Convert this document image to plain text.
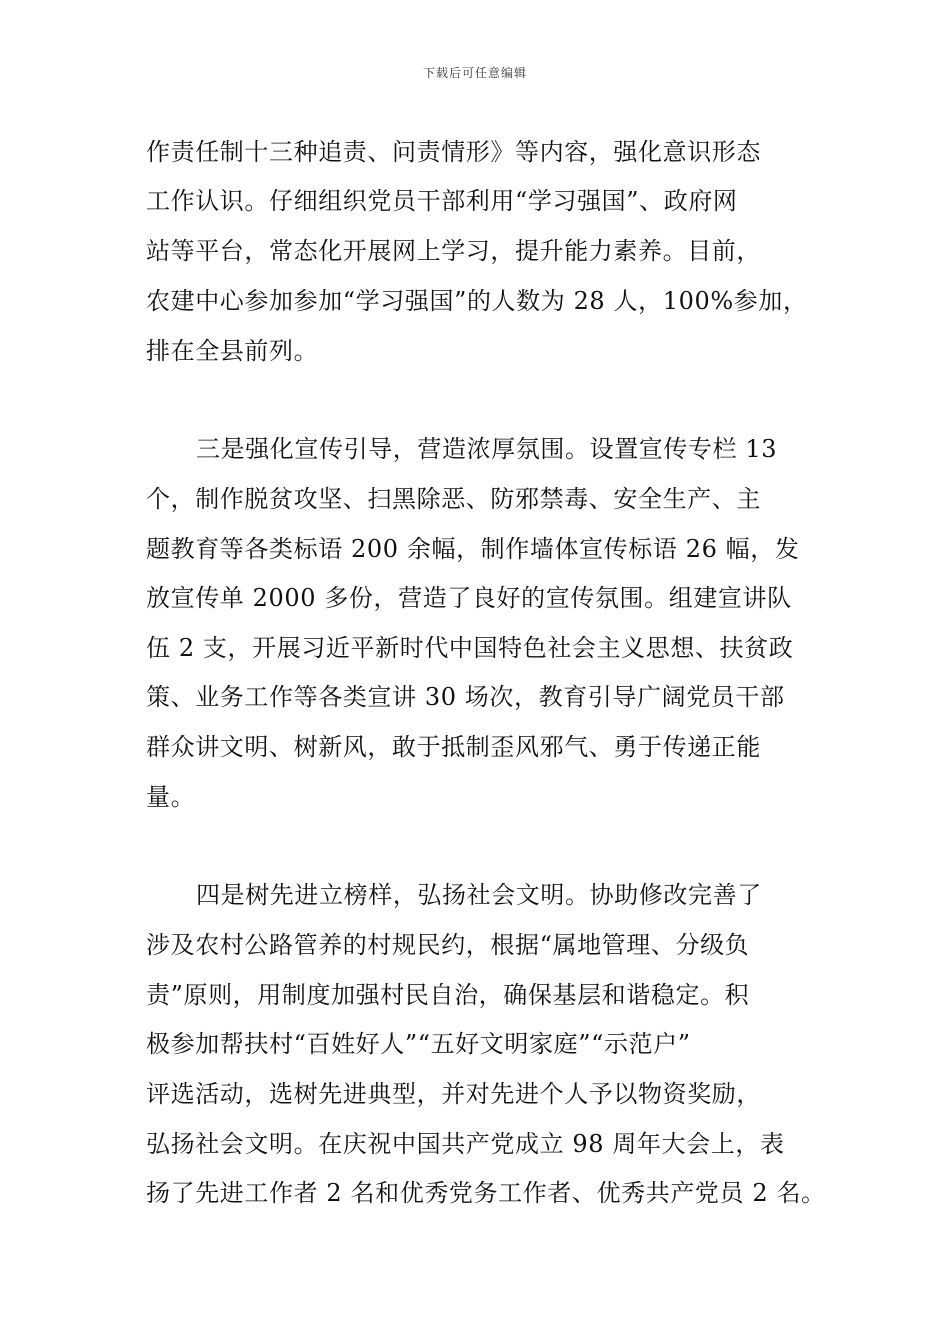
下载后可任意编辑
作责任制十三种追责、问责情形》等内容，强化意识形态
工作认识。仔细组织党员干部利用“学习强国”、政府网
站等平台，常态化开展网上学习，提升能力素养。目前，
农建中心参加参加“学习强国”的人数为 28 人，100%参加，
排在全县前列。
三是强化宣传引导，营造浓厚氛围。设置宣传专栏 13
个，制作脱贫攻坚、扫黑除恶、防邪禁毒、安全生产、主
题教育等各类标语 200 余幅，制作墙体宣传标语 26 幅，发
放宣传单 2000 多份，营造了良好的宣传氛围。组建宣讲队
伍 2 支，开展习近平新时代中国特色社会主义思想、扶贫政
策、业务工作等各类宣讲 30 场次，教育引导广阔党员干部
群众讲文明、树新风，敢于抵制歪风邪气、勇于传递正能
量。
四是树先进立榜样，弘扬社会文明。协助修改完善了
涉及农村公路管养的村规民约，根据“属地管理、分级负
责”原则，用制度加强村民自治，确保基层和谐稳定。积
极参加帮扶村“百姓好人”“五好文明家庭”“示范户”
评选活动，选树先进典型，并对先进个人予以物资奖励，
弘扬社会文明。在庆祝中国共产党成立 98 周年大会上，表
扬了先进工作者 2 名和优秀党务工作者、优秀共产党员 2 名。
